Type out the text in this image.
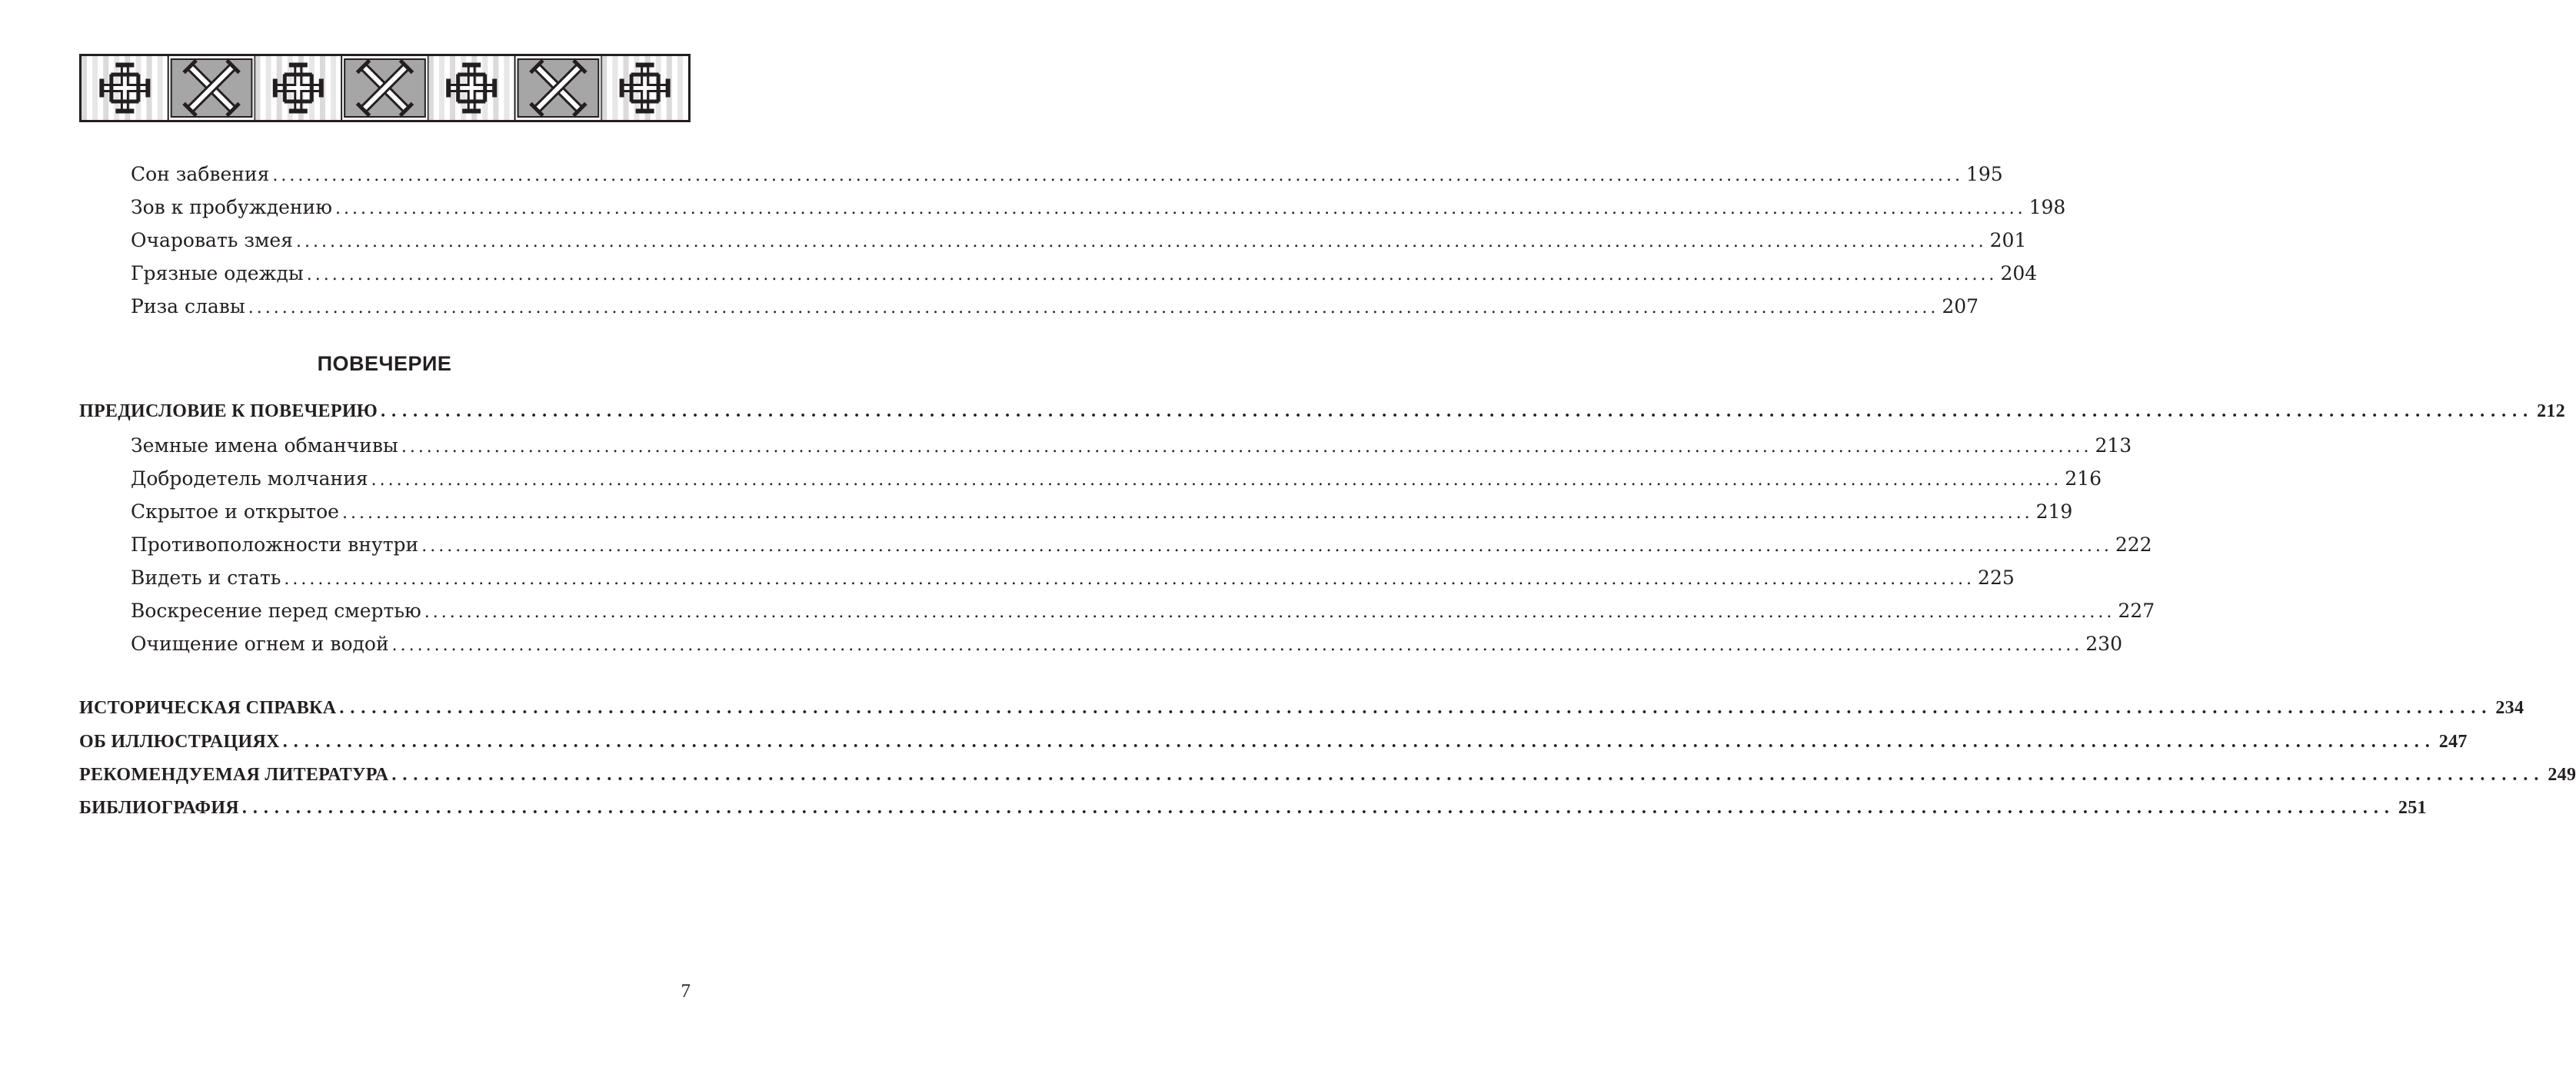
Сон забвения ........................................................................................................................................................................................................ 195
Зов к пробуждению ........................................................................................................................................................................................................ 198
Очаровать змея ........................................................................................................................................................................................................ 201
Грязные одежды ........................................................................................................................................................................................................ 204
Риза славы ........................................................................................................................................................................................................ 207
ПОВЕЧЕРИЕ
ПРЕДИСЛОВИЕ К ПОВЕЧЕРИЮ ........................................................................................................................................................................................................ 212
Земные имена обманчивы ........................................................................................................................................................................................................ 213
Добродетель молчания ........................................................................................................................................................................................................ 216
Скрытое и открытое ........................................................................................................................................................................................................ 219
Противоположности внутри ........................................................................................................................................................................................................ 222
Видеть и стать ........................................................................................................................................................................................................ 225
Воскресение перед смертью ........................................................................................................................................................................................................ 227
Очищение огнем и водой ........................................................................................................................................................................................................ 230
ИСТОРИЧЕСКАЯ СПРАВКА ........................................................................................................................................................................................................ 234
ОБ ИЛЛЮСТРАЦИЯХ ........................................................................................................................................................................................................ 247
РЕКОМЕНДУЕМАЯ ЛИТЕРАТУРА ........................................................................................................................................................................................................ 249
БИБЛИОГРАФИЯ ........................................................................................................................................................................................................ 251
7
